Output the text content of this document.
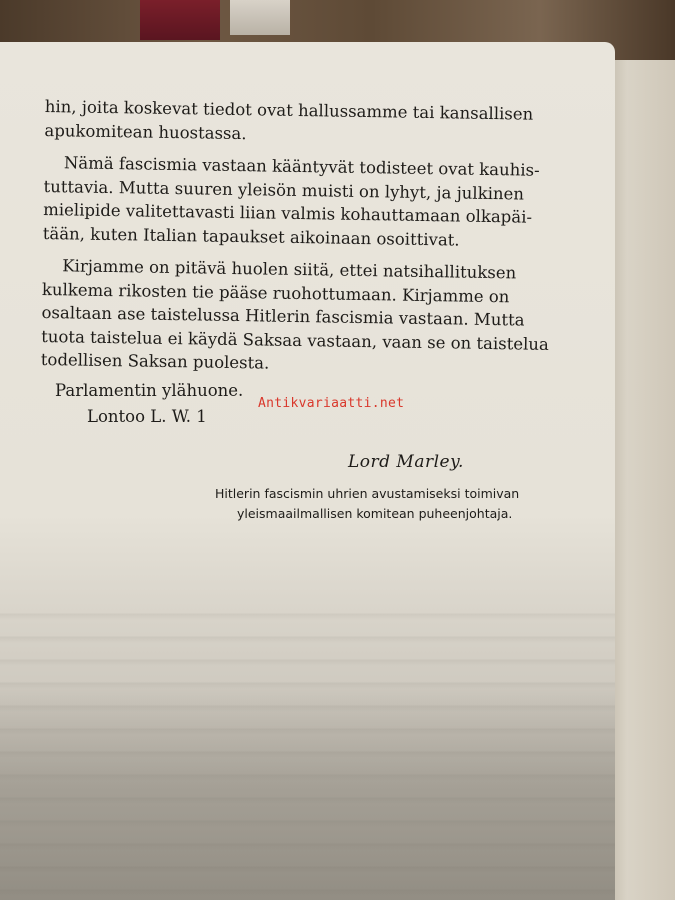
hin, joita koskevat tiedot ovat hallussamme tai kansallisen

apukomitean huostassa.

Nämä fascismia vastaan kääntyvät todisteet ovat kauhis-

tuttavia. Mutta suuren yleisön muisti on lyhyt, ja julkinen

mielipide valitettavasti liian valmis kohauttamaan olkapäi-

tään, kuten Italian tapaukset aikoinaan osoittivat.

Kirjamme on pitävä huolen siitä, ettei natsihallituksen

kulkema rikosten tie pääse ruohottumaan. Kirjamme on

osaltaan ase taistelussa Hitlerin fascismia vastaan. Mutta

tuota taistelua ei käydä Saksaa vastaan, vaan se on taistelua

todellisen Saksan puolesta.

Parlamentin ylähuone.
Lontoo L. W. 1
Antikvariaatti.net
Lord Marley.
Hitlerin fascismin uhrien avustamiseksi toimivan
yleismaailmallisen komitean puheenjohtaja.
